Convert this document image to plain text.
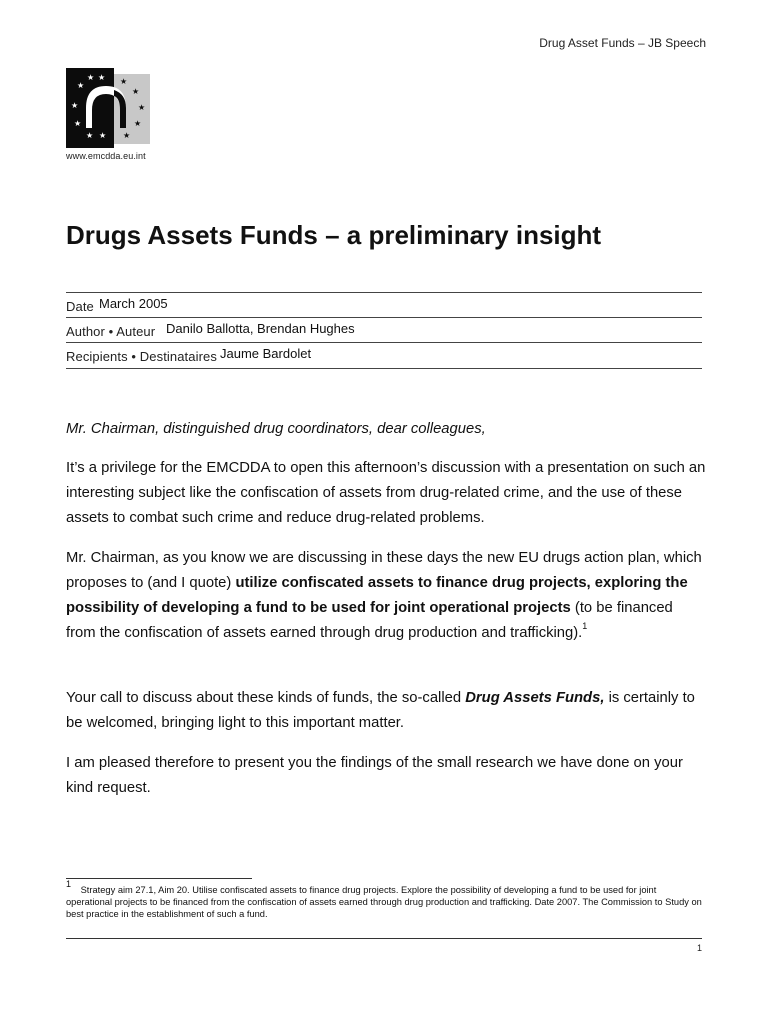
Drug Asset Funds – JB Speech
★ ★
★
★
★
★ ★
★
★
★
★
★
www.emcdda.eu.int
Drugs Assets Funds – a preliminary insight
Date March 2005
Author • Auteur Danilo Ballotta, Brendan Hughes
Recipients • Destinataires Jaume Bardolet

Mr. Chairman, distinguished drug coordinators, dear colleagues,

It’s a privilege for the EMCDDA to open this afternoon’s discussion with a presentation on such an interesting subject like the confiscation of assets from drug-related crime, and the use of these assets to combat such crime and reduce drug-related problems.

Mr. Chairman, as you know we are discussing in these days the new EU drugs action plan, which proposes to (and I quote) utilize confiscated assets to finance drug projects, exploring the possibility of developing a fund to be used for joint operational projects (to be financed from the confiscation of assets earned through drug production and trafficking).$^1$

Your call to discuss about these kinds of funds, the so-called Drug Assets Funds, is certainly to be welcomed, bringing light to this important matter.

I am pleased therefore to present you the findings of the small research we have done on your kind request.

$^1$ Strategy aim 27.1, Aim 20. Utilise confiscated assets to finance drug projects. Explore the possibility of developing a fund to be used for joint operational projects to be financed from the confiscation of assets earned through drug production and trafficking. Date 2007. The Commission to Study on best practice in the establishment of such a fund.
1
